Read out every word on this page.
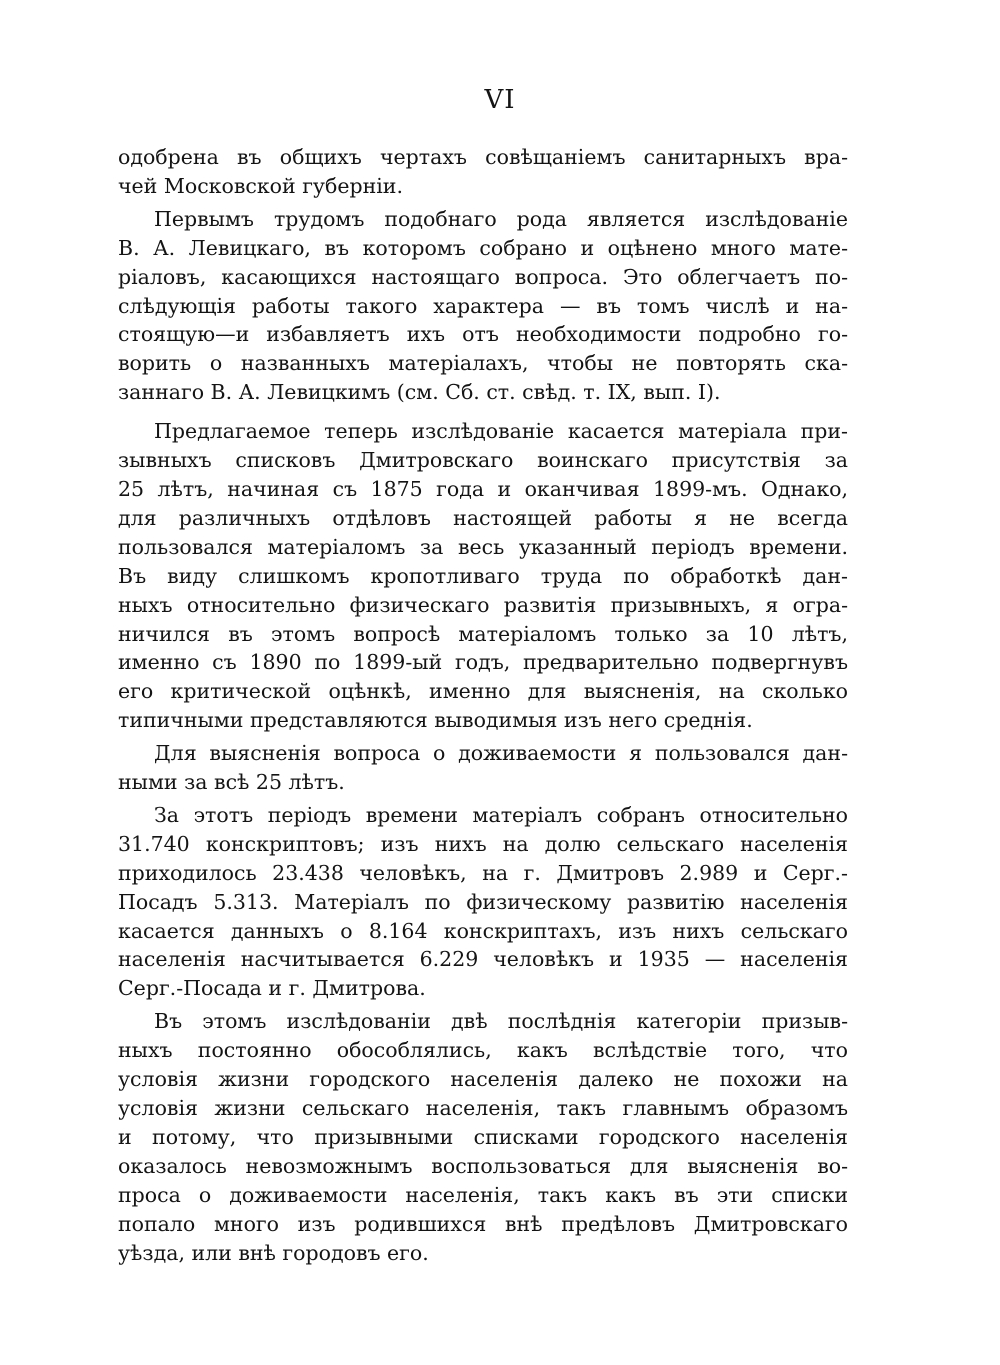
VI

одобрена въ общихъ чертахъ совѣщаніемъ санитарныхъ вра-
чей Московской губерніи.

Первымъ трудомъ подобнаго рода является изслѣдованіе
В. А. Левицкаго, въ которомъ собрано и оцѣнено много мате-
ріаловъ, касающихся настоящаго вопроса. Это облегчаетъ по-
слѣдующія работы такого характера — въ томъ числѣ и на-
стоящую—и избавляетъ ихъ отъ необходимости подробно го-
ворить о названныхъ матеріалахъ, чтобы не повторять ска-
заннаго В. А. Левицкимъ (см. Сб. ст. свѣд. т. IX, вып. I).

Предлагаемое теперь изслѣдованіе касается матеріала при-
зывныхъ списковъ Дмитровскаго воинскаго присутствія за
25 лѣтъ, начиная съ 1875 года и оканчивая 1899-мъ. Однако,
для различныхъ отдѣловъ настоящей работы я не всегда
пользовался матеріаломъ за весь указанный періодъ времени.
Въ виду слишкомъ кропотливаго труда по обработкѣ дан-
ныхъ относительно физическаго развитія призывныхъ, я огра-
ничился въ этомъ вопросѣ матеріаломъ только за 10 лѣтъ,
именно съ 1890 по 1899-ый годъ, предварительно подвергнувъ
его критической оцѣнкѣ, именно для выясненія, на сколько
типичными представляются выводимыя изъ него среднія.

Для выясненія вопроса о доживаемости я пользовался дан-
ными за всѣ 25 лѣтъ.

За этотъ періодъ времени матеріалъ собранъ относительно
31.740 конскриптовъ; изъ нихъ на долю сельскаго населенія
приходилось 23.438 человѣкъ, на г. Дмитровъ 2.989 и Серг.-
Посадъ 5.313. Матеріалъ по физическому развитію населенія
касается данныхъ о 8.164 конскриптахъ, изъ нихъ сельскаго
населенія насчитывается 6.229 человѣкъ и 1935 — населенія
Серг.-Посада и г. Дмитрова.

Въ этомъ изслѣдованіи двѣ послѣднія категоріи призыв-
ныхъ постоянно обособлялись, какъ вслѣдствіе того, что
условія жизни городского населенія далеко не похожи на
условія жизни сельскаго населенія, такъ главнымъ образомъ
и потому, что призывными списками городского населенія
оказалось невозможнымъ воспользоваться для выясненія во-
проса о доживаемости населенія, такъ какъ въ эти списки
попало много изъ родившихся внѣ предѣловъ Дмитровскаго
уѣзда, или внѣ городовъ его.
